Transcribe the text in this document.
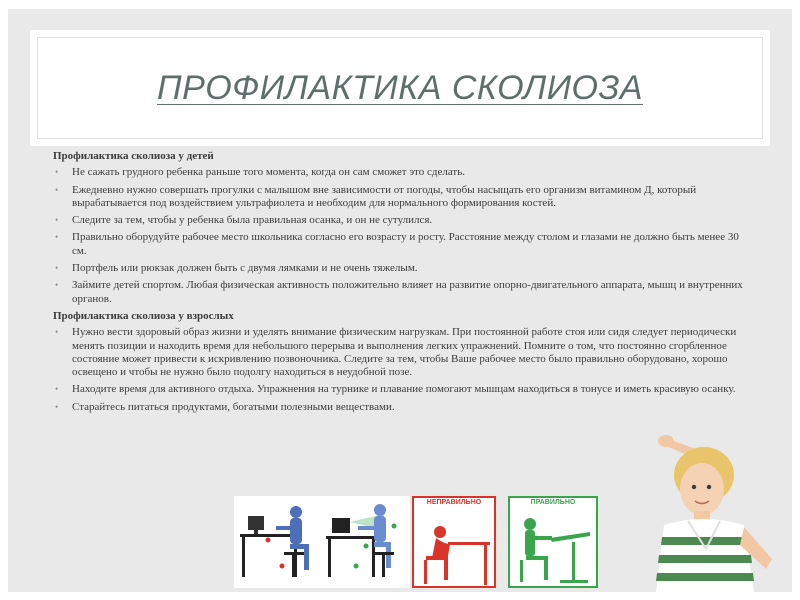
ПРОФИЛАКТИКА СКОЛИОЗА
Профилактика сколиоза у детей
• Не сажать грудного ребенка раньше того момента, когда он сам сможет это сделать.
• Ежедневно нужно совершать прогулки с малышом вне зависимости от погоды, чтобы насыщать его организм витамином Д, который вырабатывается под воздействием ультрафиолета и необходим для нормального формирования костей.
• Следите за тем, чтобы у ребенка была правильная осанка, и он не сутулился.
• Правильно оборудуйте рабочее место школьника согласно его возрасту и росту. Расстояние между столом и глазами не должно быть менее 30 см.
• Портфель или рюкзак должен быть с двумя лямками и не очень тяжелым.
• Займите детей спортом. Любая физическая активность положительно влияет на развитие опорно-двигательного аппарата, мышц и внутренних органов.
Профилактика сколиоза у взрослых
• Нужно вести здоровый образ жизни и уделять внимание физическим нагрузкам. При постоянной работе стоя или сидя следует периодически менять позиции и находить время для небольшого перерыва и выполнения легких упражнений. Помните о том, что постоянно сгорбленное состояние может привести к искривлению позвоночника. Следите за тем, чтобы Ваше рабочее место было правильно оборудовано, хорошо освещено и чтобы не нужно было подолгу находиться в неудобной позе.
• Находите время для активного отдыха. Упражнения на турнике и плавание помогают мышцам находиться в тонусе и иметь красивую осанку.
• Старайтесь питаться продуктами, богатыми полезными веществами.
НЕПРАВИЛЬНО	ПРАВИЛЬНО
